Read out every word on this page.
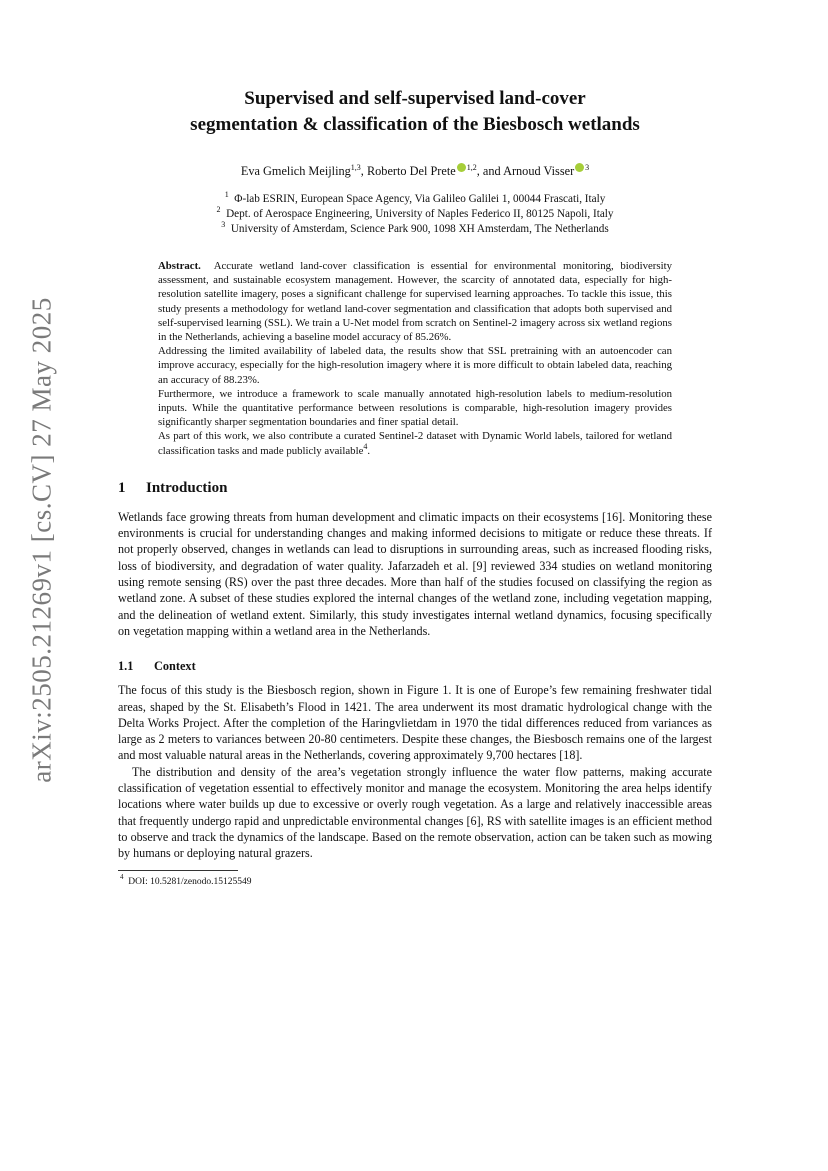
arXiv:2505.21269v1 [cs.CV] 27 May 2025
Supervised and self-supervised land-cover
segmentation & classification of the Biesbosch wetlands
Eva Gmelich Meijling$^{1,3}$, Roberto Del Prete $^{1,2}$, and Arnoud Visser $^3$
$^1$ Φ-lab ESRIN, European Space Agency, Via Galileo Galilei 1, 00044 Frascati, Italy
$^2$ Dept. of Aerospace Engineering, University of Naples Federico II, 80125 Napoli, Italy
$^3$ University of Amsterdam, Science Park 900, 1098 XH Amsterdam, The Netherlands

Abstract. Accurate wetland land-cover classification is essential for environmental monitoring, biodiversity assessment, and sustainable ecosystem management. However, the scarcity of annotated data, especially for high-resolution satellite imagery, poses a significant challenge for supervised learning approaches. To tackle this issue, this study presents a methodology for wetland land-cover segmentation and classification that adopts both supervised and self-supervised learning (SSL). We train a U-Net model from scratch on Sentinel-2 imagery across six wetland regions in the Netherlands, achieving a baseline model accuracy of 85.26%.

Addressing the limited availability of labeled data, the results show that SSL pretraining with an autoencoder can improve accuracy, especially for the high-resolution imagery where it is more difficult to obtain labeled data, reaching an accuracy of 88.23%.

Furthermore, we introduce a framework to scale manually annotated high-resolution labels to medium-resolution inputs. While the quantitative performance between resolutions is comparable, high-resolution imagery provides significantly sharper segmentation boundaries and finer spatial detail.

As part of this work, we also contribute a curated Sentinel-2 dataset with Dynamic World labels, tailored for wetland classification tasks and made publicly available$^4$.

1 Introduction

Wetlands face growing threats from human development and climatic impacts on their ecosystems [16]. Monitoring these environments is crucial for understanding changes and making informed decisions to mitigate or reduce these threats. If not properly observed, changes in wetlands can lead to disruptions in surrounding areas, such as increased flooding risks, loss of biodiversity, and degradation of water quality. Jafarzadeh et al. [9] reviewed 334 studies on wetland monitoring using remote sensing (RS) over the past three decades. More than half of the studies focused on classifying the region as wetland zone. A subset of these studies explored the internal changes of the wetland zone, including vegetation mapping, and the delineation of wetland extent. Similarly, this study investigates internal wetland dynamics, focusing specifically on vegetation mapping within a wetland area in the Netherlands.

1.1 Context

The focus of this study is the Biesbosch region, shown in Figure 1. It is one of Europe’s few remaining freshwater tidal areas, shaped by the St. Elisabeth’s Flood in 1421. The area underwent its most dramatic hydrological change with the Delta Works Project. After the completion of the Haringvlietdam in 1970 the tidal differences reduced from variances as large as 2 meters to variances between 20-80 centimeters. Despite these changes, the Biesbosch remains one of the largest and most valuable natural areas in the Netherlands, covering approximately 9,700 hectares [18].

The distribution and density of the area’s vegetation strongly influence the water flow patterns, making accurate classification of vegetation essential to effectively monitor and manage the ecosystem. Monitoring the area helps identify locations where water builds up due to excessive or overly rough vegetation. As a large and relatively inaccessible areas that frequently undergo rapid and unpredictable environmental changes [6], RS with satellite images is an efficient method to observe and track the dynamics of the landscape. Based on the remote observation, action can be taken such as mowing by humans or deploying natural grazers.

$^4$ DOI: 10.5281/zenodo.15125549
